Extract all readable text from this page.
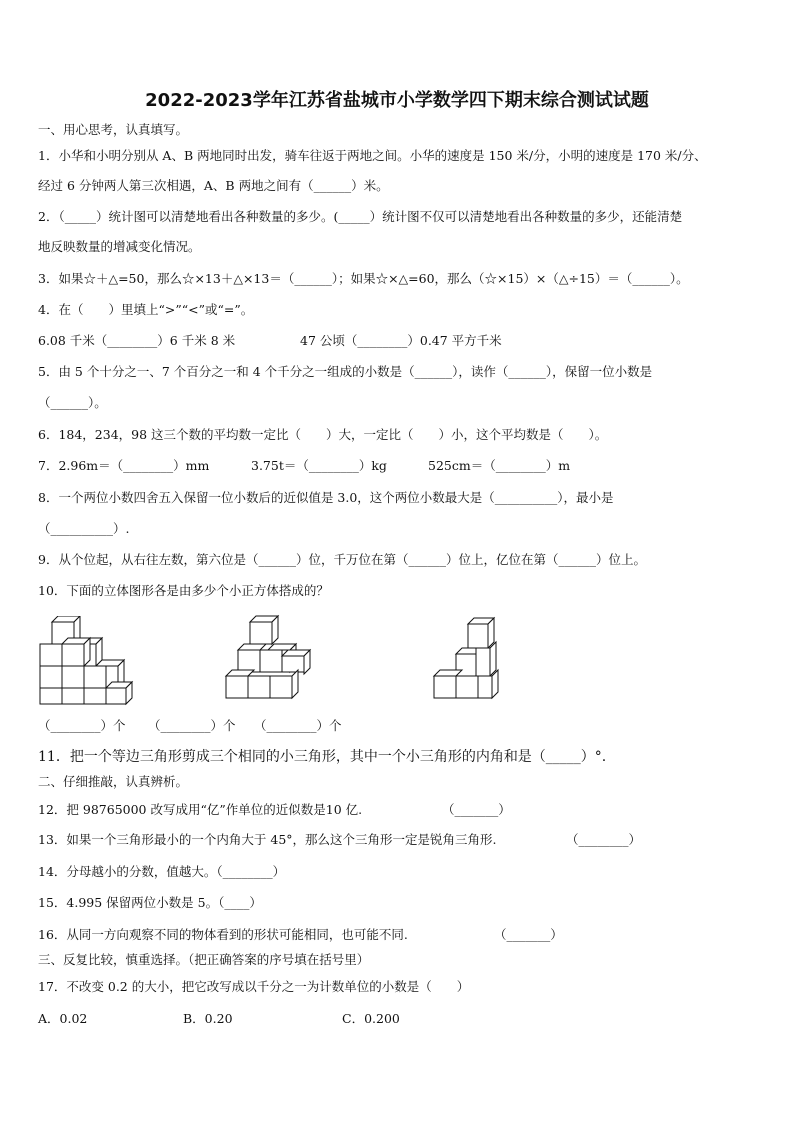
2022-2023学年江苏省盐城市小学数学四下期末综合测试试题
一、用心思考，认真填写。
1．小华和小明分别从 A、B 两地同时出发，骑车往返于两地之间。小华的速度是 150 米/分，小明的速度是 170 米/分、
经过 6 分钟两人第三次相遇，A、B 两地之间有（______）米。
2．（_____）统计图可以清楚地看出各种数量的多少。(_____）统计图不仅可以清楚地看出各种数量的多少，还能清楚
地反映数量的增减变化情况。
3．如果☆＋△=50，那么☆×13＋△×13＝（______）；如果☆×△=60，那么（☆×15）×（△÷15）＝（______）。
4．在（　　）里填上“>”“<”或“=”。
6.08 千米（________）6 千米 8 米	47 公顷（________）0.47 平方千米
5．由 5 个十分之一、7 个百分之一和 4 个千分之一组成的小数是（______），读作（______），保留一位小数是
（______）。
6．184，234，98 这三个数的平均数一定比（　　）大，一定比（　　）小，这个平均数是（　　）。
7．2.96m＝（________）mm	3.75t＝（________）kg	525cm＝（________）m
8．一个两位小数四舍五入保留一位小数后的近似值是 3.0，这个两位小数最大是（__________），最小是
（__________）.
9．从个位起，从右往左数，第六位是（______）位，千万位在第（______）位上，亿位在第（______）位上。
10．下面的立体图形各是由多少个小正方体搭成的？
（________）个 （________）个 （________）个
11．把一个等边三角形剪成三个相同的小三角形，其中一个小三角形的内角和是（_____）°.
二、仔细推敲，认真辨析。
12．把 98765000 改写成用“亿”作单位的近似数是10 亿.	（_______）
13．如果一个三角形最小的一个内角大于 45°，那么这个三角形一定是锐角三角形.	（________）
14．分母越小的分数，值越大。（________）
15．4.995 保留两位小数是 5。（____）
16．从同一方向观察不同的物体看到的形状可能相同，也可能不同.	（_______）
三、反复比较，慎重选择。（把正确答案的序号填在括号里）
17．不改变 0.2 的大小，把它改写成以千分之一为计数单位的小数是（　　）
A．0.02	B．0.20	C．0.200
